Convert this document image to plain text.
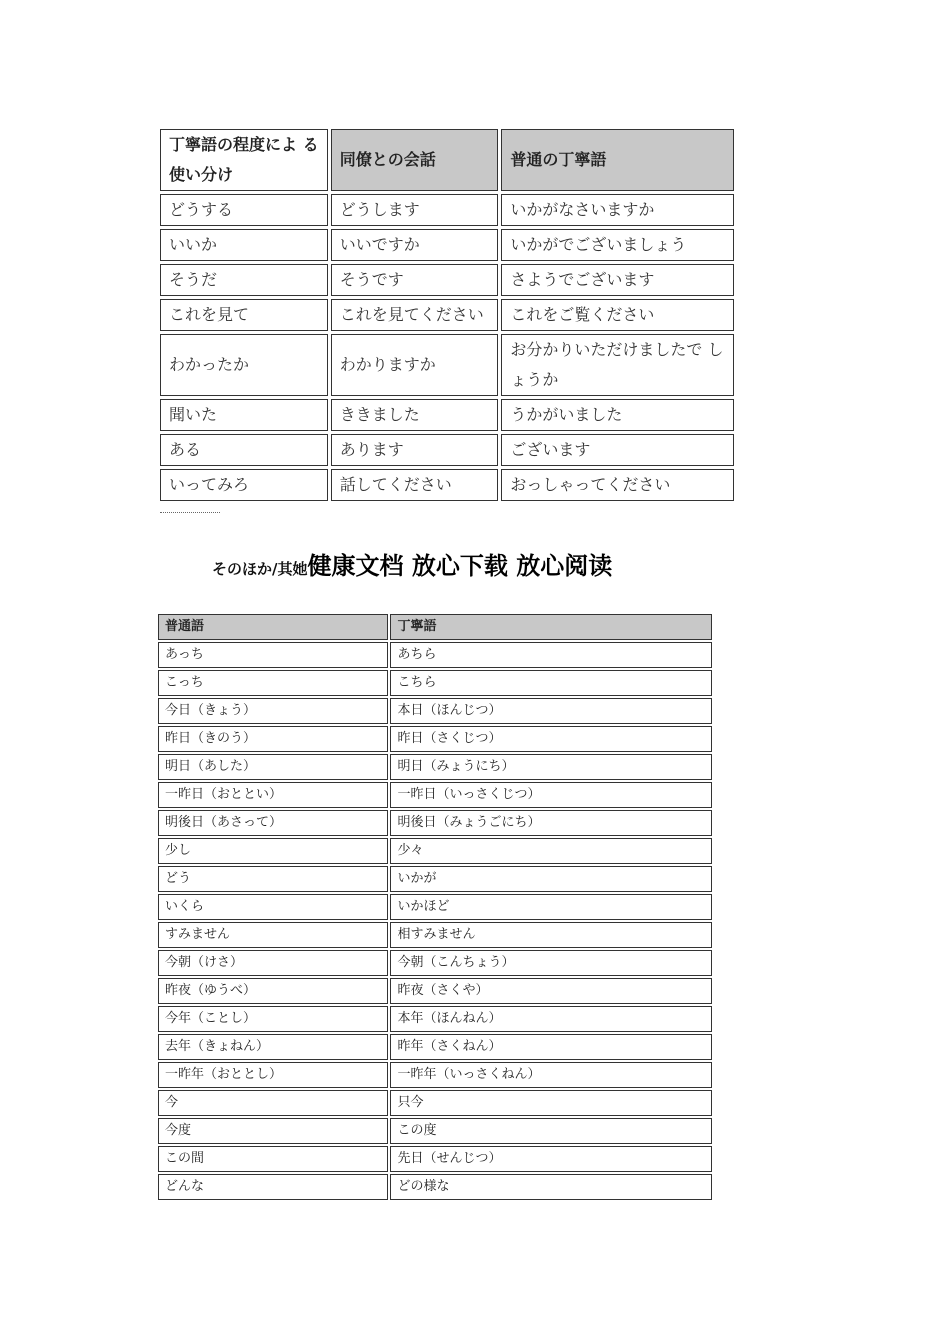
丁寧語の程度によ る使い分け	同僚との会話	普通の丁寧語
どうする	どうします	いかがなさいますか
いいか	いいですか	いかがでございましょう
そうだ	そうです	さようでございます
これを見て	これを見てください	これをご覧ください
わかったか	わかりますか	お分かりいただけましたで しょうか
聞いた	ききました	うかがいました
ある	あります	ございます
いってみろ	話してください	おっしゃってください
そのほか/其她健康文档 放心下载 放心阅读
普通語	丁寧語
あっち	あちら
こっち	こちら
今日（きょう）	本日（ほんじつ）
昨日（きのう）	昨日（さくじつ）
明日（あした）	明日（みょうにち）
一昨日（おととい）	一昨日（いっさくじつ）
明後日（あさって）	明後日（みょうごにち）
少し	少々
どう	いかが
いくら	いかほど
すみません	相すみません
今朝（けさ）	今朝（こんちょう）
昨夜（ゆうべ）	昨夜（さくや）
今年（ことし）	本年（ほんねん）
去年（きょねん）	昨年（さくねん）
一昨年（おととし）	一昨年（いっさくねん）
今	只今
今度	この度
この間	先日（せんじつ）
どんな	どの様な
